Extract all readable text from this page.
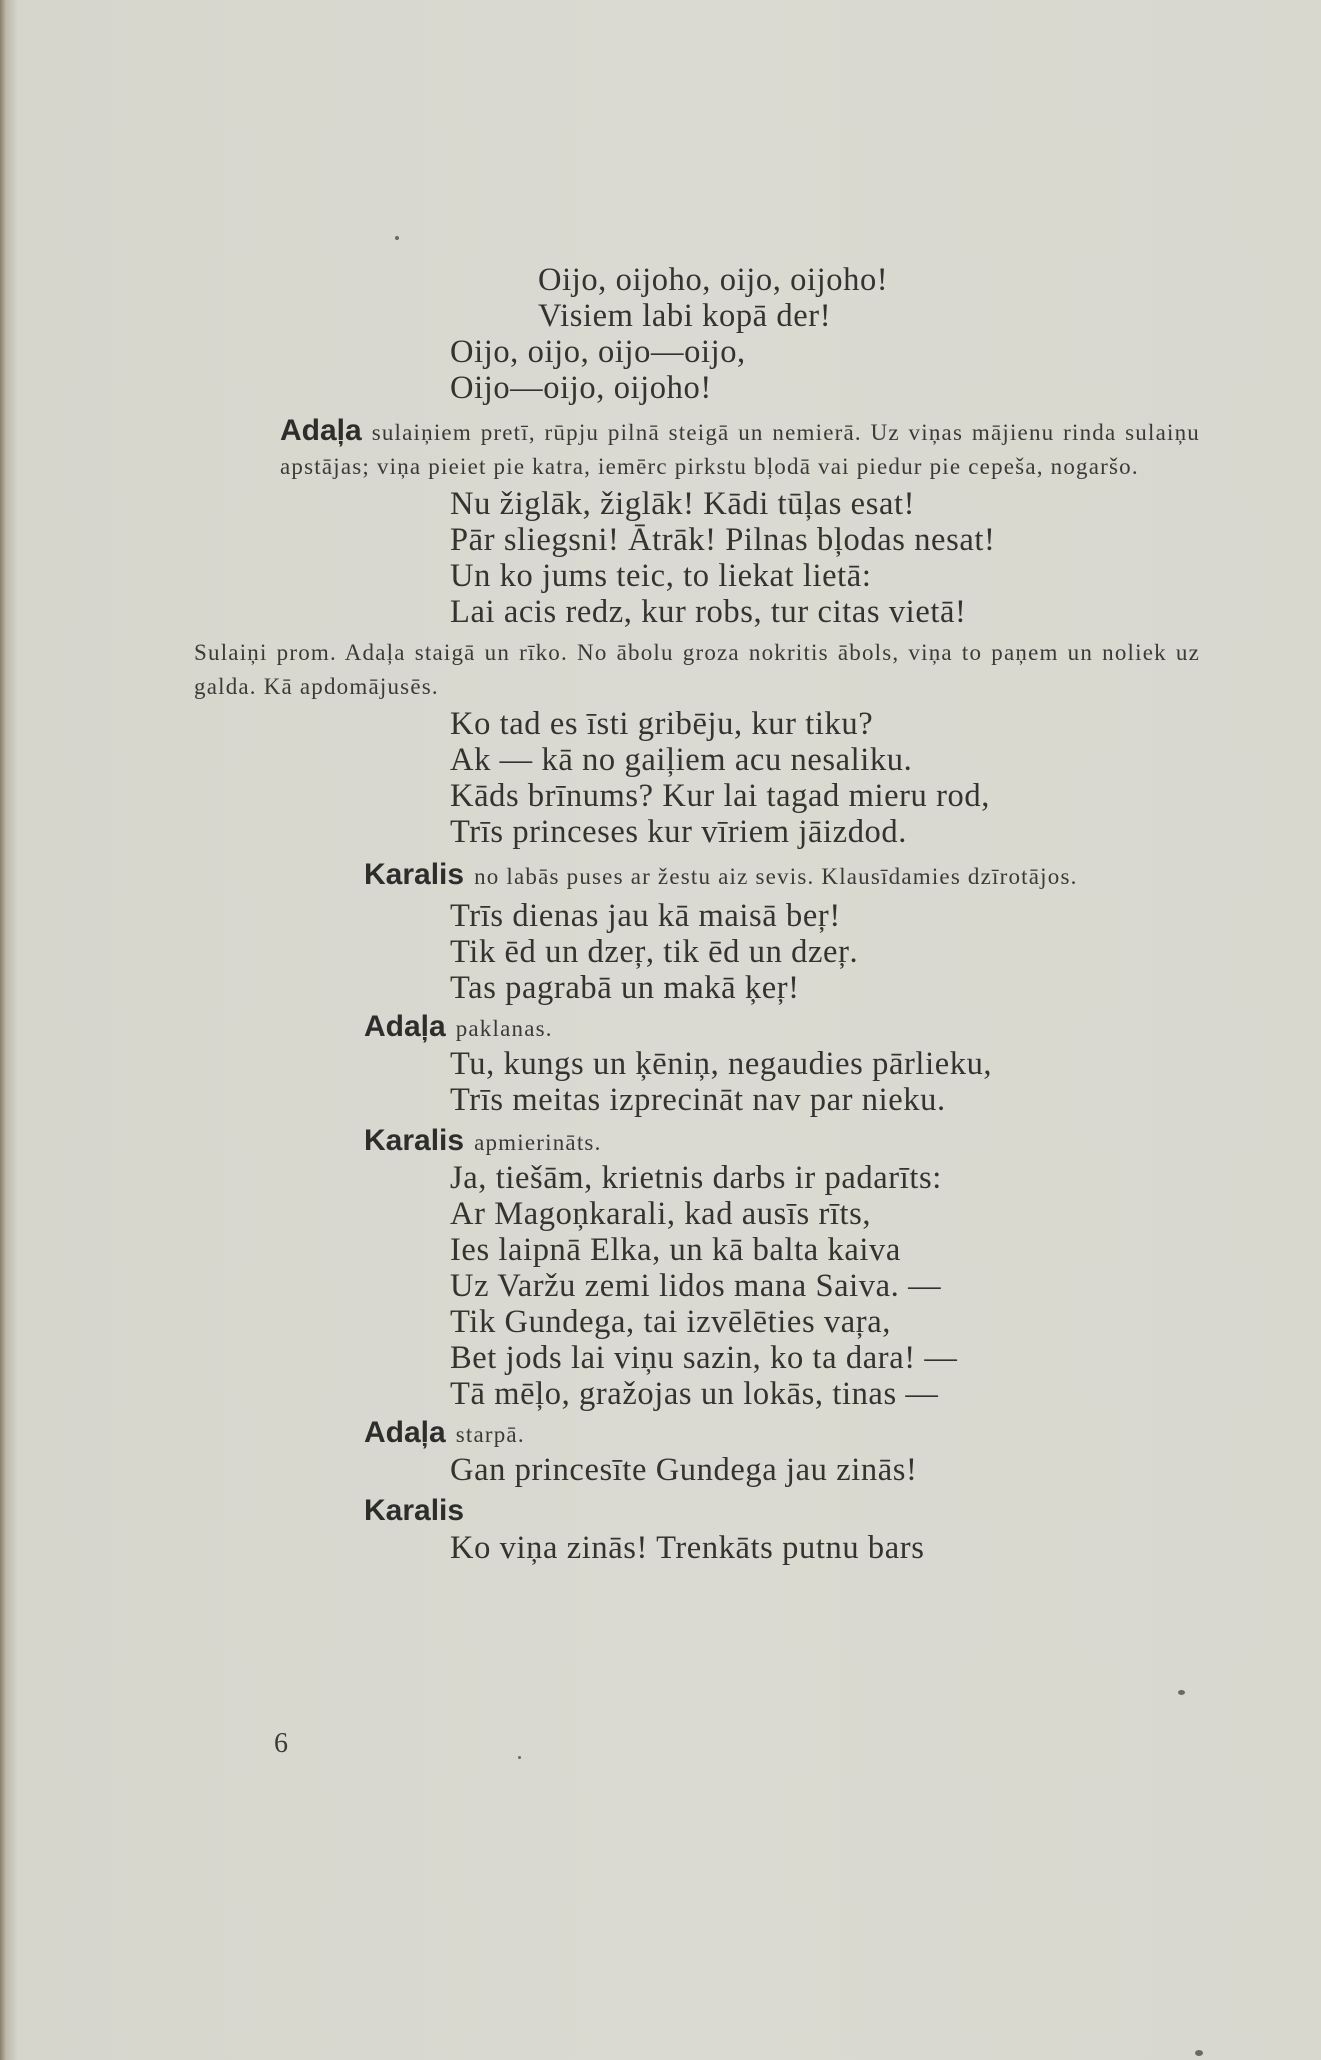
Oijo, oijoho, oijo, oijoho!
Visiem labi kopā der!
Oijo, oijo, oijo—oijo,
Oijo—oijo, oijoho!
Adaļa sulaiņiem pretī, rūpju pilnā steigā un nemierā. Uz viņas mājienu rinda sulaiņu apstājas; viņa pieiet pie katra, iemērc pirkstu bļodā vai piedur pie cepeša, nogaršo.
Nu žiglāk, žiglāk! Kādi tūļas esat!
Pār sliegsni! Ātrāk! Pilnas bļodas nesat!
Un ko jums teic, to liekat lietā:
Lai acis redz, kur robs, tur citas vietā!
Sulaiņi prom. Adaļa staigā un rīko. No ābolu groza nokritis ābols, viņa to paņem un noliek uz galda. Kā apdomājusēs.
Ko tad es īsti gribēju, kur tiku?
Ak — kā no gaiļiem acu nesaliku.
Kāds brīnums? Kur lai tagad mieru rod,
Trīs princeses kur vīriem jāizdod.
Karalis no labās puses ar žestu aiz sevis. Klausīdamies dzīrotājos.
Trīs dienas jau kā maisā beŗ!
Tik ēd un dzeŗ, tik ēd un dzeŗ.
Tas pagrabā un makā ķeŗ!
Adaļa paklanas.
Tu, kungs un ķēniņ, negaudies pārlieku,
Trīs meitas izprecināt nav par nieku.
Karalis apmierināts.
Ja, tiešām, krietnis darbs ir padarīts:
Ar Magoņkarali, kad ausīs rīts,
Ies laipnā Elka, un kā balta kaiva
Uz Varžu zemi lidos mana Saiva. —
Tik Gundega, tai izvēlēties vaŗa,
Bet jods lai viņu sazin, ko ta dara! —
Tā mēļo, gražojas un lokās, tinas —
Adaļa starpā.
Gan princesīte Gundega jau zinās!
Karalis
Ko viņa zinās! Trenkāts putnu bars
6
